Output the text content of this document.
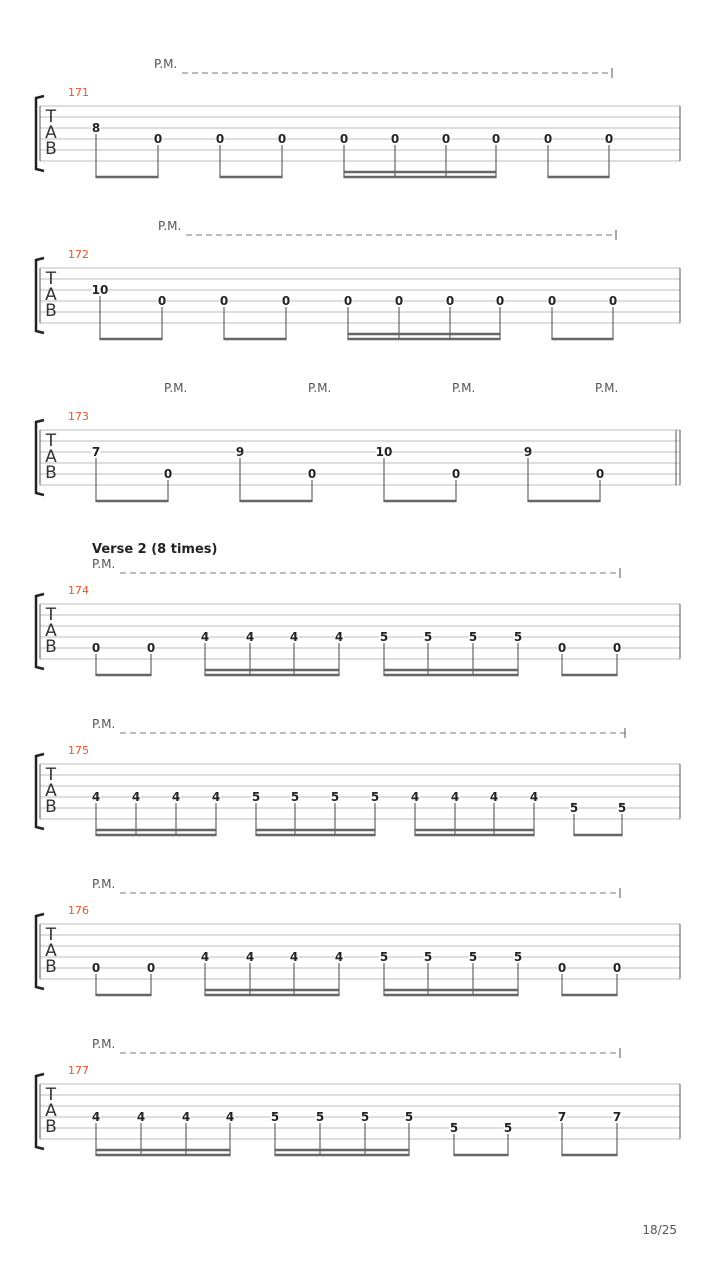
Verse 2 (8 times)
18/25
171
P.M.
T
A
B
8
0	0	0	0	0	0	0	0	0
172
P.M.
T
A
B
10
0	0	0	0	0	0	0	0	0
173
P.M.	P.M.	P.M.	P.M.
T
A
B
7
0
9
0
10
0
9
0
174
P.M.
T
A
B	0	0
4	4	4	4	5	5	5	5
0	0
175
P.M.
T
A
B	4	4	4	4	5	5	5	5	4	4	4	4
5	5
176
P.M.
T
A
B	0	0
4	4	4	4	5	5	5	5
0	0
177
P.M.
T
A
B	4	4	4	4	5	5	5	5
5	5
7	7
